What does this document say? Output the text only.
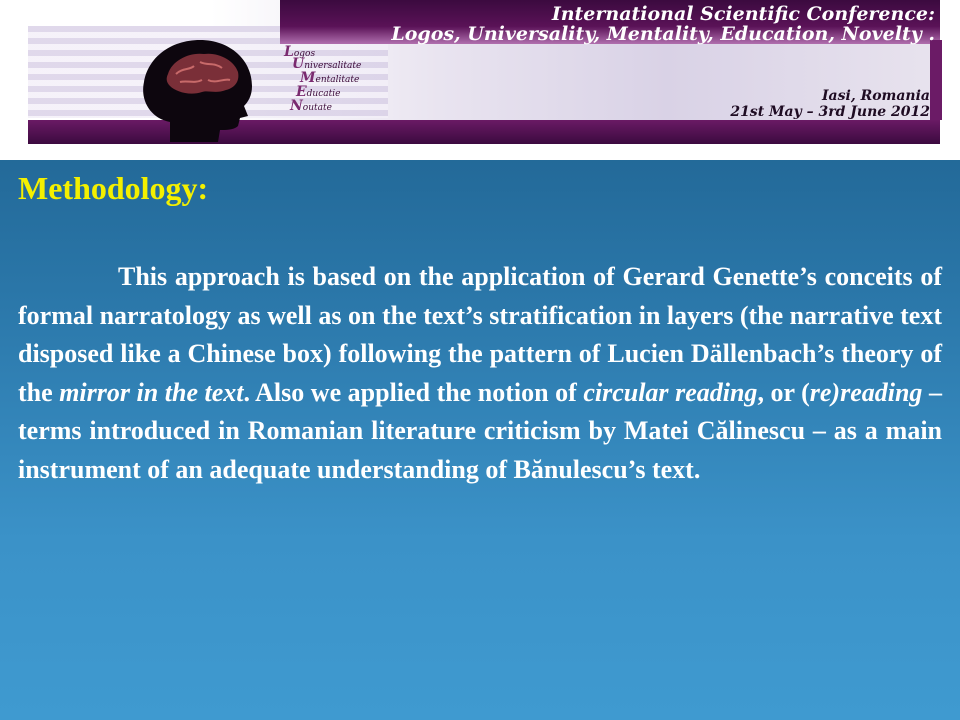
International Scientific Conference:
Logos, Universality, Mentality, Education, Novelty .
Logos
Universalitate
Mentalitate
Educatie
Noutate
Iasi, Romania
21st May – 3rd June 2012
Methodology:
This approach is based on the application of Gerard Genette’s conceits of formal narratology as well as on the text’s stratification in layers (the narrative text disposed like a Chinese box) following the pattern of Lucien Dällenbach’s theory of the mirror in the text. Also we applied the notion of circular reading, or (re)reading – terms introduced in Romanian literature criticism by Matei Călinescu – as a main instrument of an adequate understanding of Bănulescu’s text.
